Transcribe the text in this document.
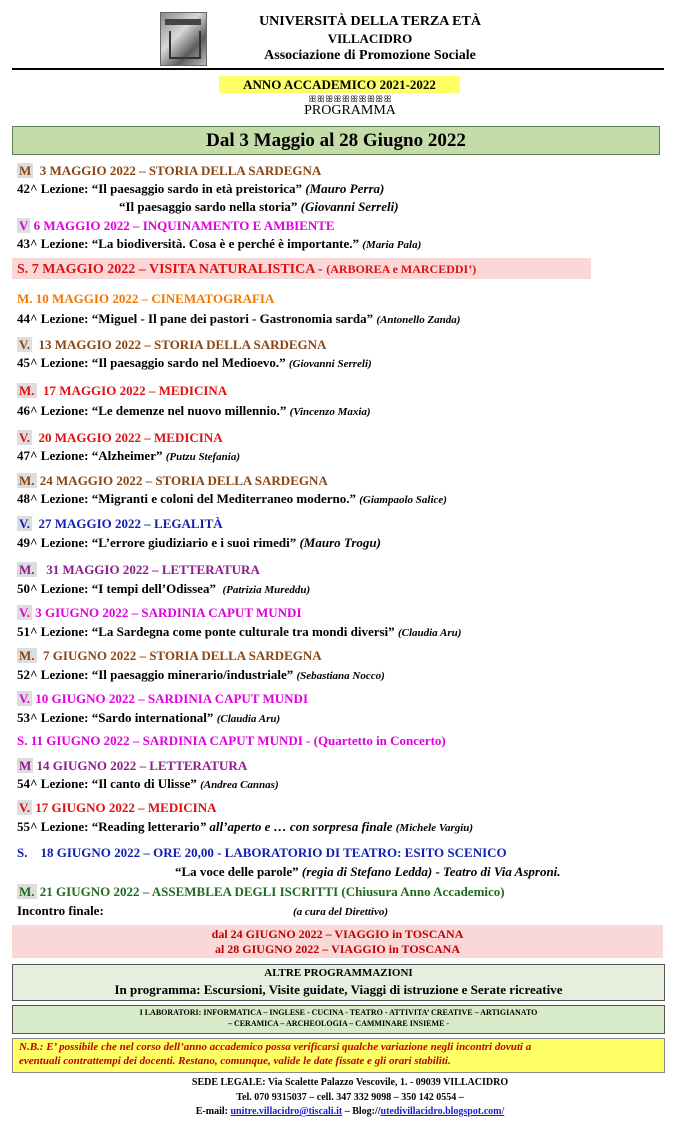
UNIVERSITÀ DELLA TERZA ETÀ
VILLACIDRO
Associazione di Promozione Sociale
ANNO ACCADEMICO 2021-2022
ꕥꕥꕥꕥꕥꕥꕥꕥꕥꕥ
PROGRAMMA
Dal 3 Maggio al 28 Giugno 2022
M 3 MAGGIO 2022 – STORIA DELLA SARDEGNA
42^ Lezione: “Il paesaggio sardo in età preistorica” (Mauro Perra)
“Il paesaggio sardo nella storia” (Giovanni Serreli)
V 6 MAGGIO 2022 – INQUINAMENTO E AMBIENTE
43^ Lezione: “La biodiversità. Cosa è e perché è importante.” (Maria Pala)
S. 7 MAGGIO 2022 – VISITA NATURALISTICA - (ARBOREA e MARCEDDI’)
M. 10 MAGGIO 2022 – CINEMATOGRAFIA
44^ Lezione: “Miguel - Il pane dei pastori - Gastronomia sarda” (Antonello Zanda)
V. 13 MAGGIO 2022 – STORIA DELLA SARDEGNA
45^ Lezione: “Il paesaggio sardo nel Medioevo.” (Giovanni Serreli)
M. 17 MAGGIO 2022 – MEDICINA
46^ Lezione: “Le demenze nel nuovo millennio.” (Vincenzo Maxia)
V. 20 MAGGIO 2022 – MEDICINA
47^ Lezione: “Alzheimer” (Putzu Stefania)
M. 24 MAGGIO 2022 – STORIA DELLA SARDEGNA
48^ Lezione: “Migranti e coloni del Mediterraneo moderno.” (Giampaolo Salice)
V. 27 MAGGIO 2022 – LEGALITÀ
49^ Lezione: “L’errore giudiziario e i suoi rimedi” (Mauro Trogu)
M. 31 MAGGIO 2022 – LETTERATURA
50^ Lezione: “I tempi dell’Odissea” (Patrizia Mureddu)
V. 3 GIUGNO 2022 – SARDINIA CAPUT MUNDI
51^ Lezione: “La Sardegna come ponte culturale tra mondi diversi” (Claudia Aru)
M. 7 GIUGNO 2022 – STORIA DELLA SARDEGNA
52^ Lezione: “Il paesaggio minerario/industriale” (Sebastiana Nocco)
V. 10 GIUGNO 2022 – SARDINIA CAPUT MUNDI
53^ Lezione: “Sardo international” (Claudia Aru)
S. 11 GIUGNO 2022 – SARDINIA CAPUT MUNDI - (Quartetto in Concerto)
M 14 GIUGNO 2022 – LETTERATURA
54^ Lezione: “Il canto di Ulisse” (Andrea Cannas)
V. 17 GIUGNO 2022 – MEDICINA
55^ Lezione: “Reading letterario” all’aperto e … con sorpresa finale (Michele Vargiu)
S. 18 GIUGNO 2022 – ORE 20,00 - LABORATORIO DI TEATRO: ESITO SCENICO
“La voce delle parole” (regia di Stefano Ledda) - Teatro di Via Asproni.
M. 21 GIUGNO 2022 – ASSEMBLEA DEGLI ISCRITTI (Chiusura Anno Accademico)
Incontro finale:	(a cura del Direttivo)
dal 24 GIUGNO 2022 – VIAGGIO in TOSCANA
al 28 GIUGNO 2022 – VIAGGIO in TOSCANA
ALTRE PROGRAMMAZIONI
In programma: Escursioni, Visite guidate, Viaggi di istruzione e Serate ricreative
I LABORATORI: INFORMATICA – INGLESE - CUCINA - TEATRO - ATTIVITA’ CREATIVE – ARTIGIANATO
– CERAMICA – ARCHEOLOGIA – CAMMINARE INSIEME -
N.B.: E’ possibile che nel corso dell’anno accademico possa verificarsi qualche variazione negli incontri dovuti a
eventuali contrattempi dei docenti. Restano, comunque, valide le date fissate e gli orari stabiliti.
SEDE LEGALE: Via Scalette Palazzo Vescovile, 1. - 09039 VILLACIDRO
Tel. 070 9315037 – cell. 347 332 9098 – 350 142 0554 –
E-mail: unitre.villacidro@tiscali.it – Blog://utedivillacidro.blogspot.com/
